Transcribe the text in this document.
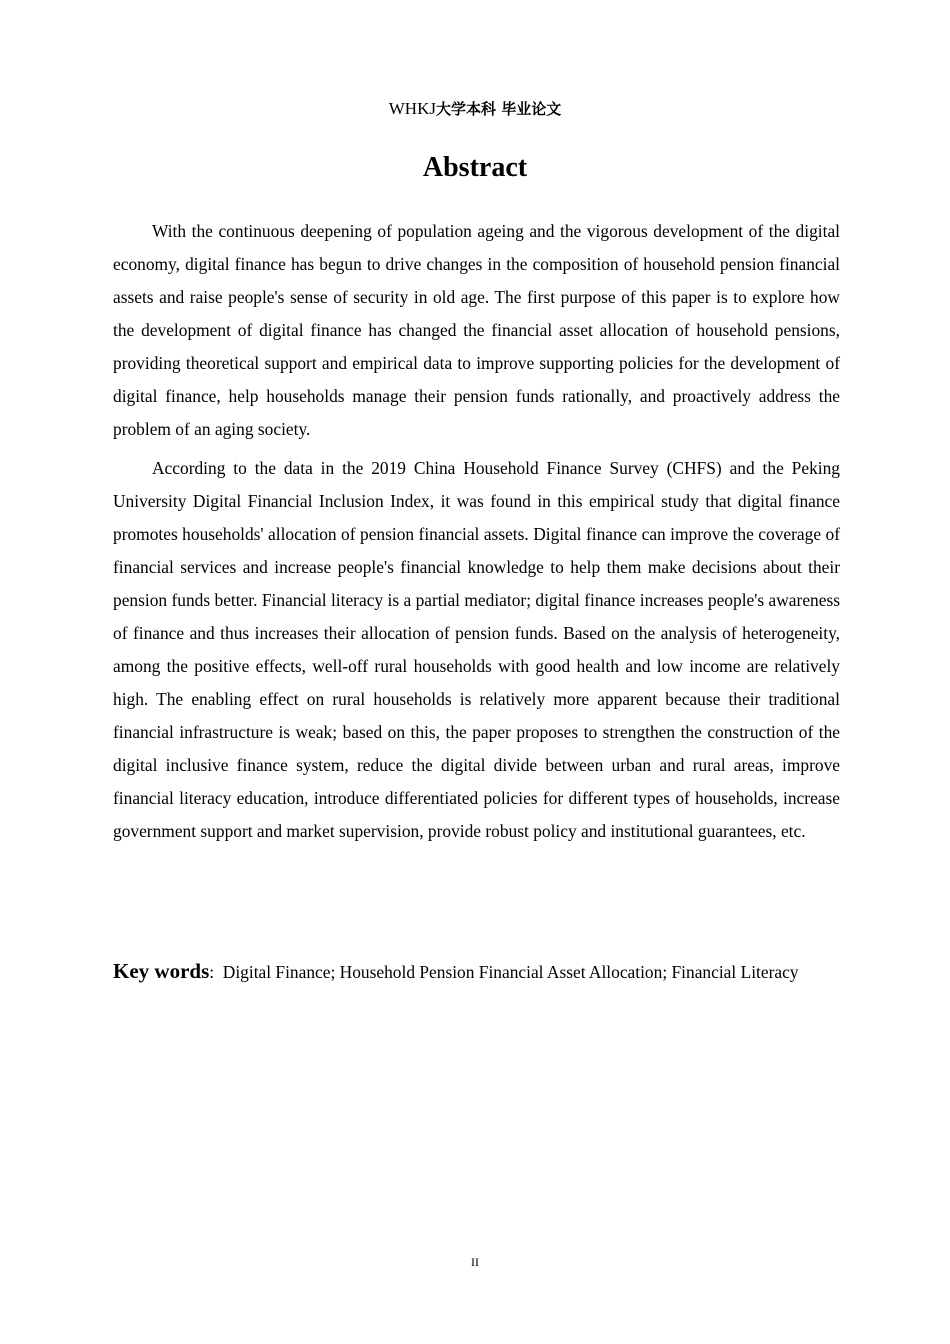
WHKJ大学本科 毕业论文
Abstract

With the continuous deepening of population ageing and the vigorous development of the digital economy, digital finance has begun to drive changes in the composition of household pension financial assets and raise people's sense of security in old age. The first purpose of this paper is to explore how the development of digital finance has changed the financial asset allocation of household pensions, providing theoretical support and empirical data to improve supporting policies for the development of digital finance, help households manage their pension funds rationally, and proactively address the problem of an aging society.

According to the data in the 2019 China Household Finance Survey (CHFS) and the Peking University Digital Financial Inclusion Index, it was found in this empirical study that digital finance promotes households' allocation of pension financial assets. Digital finance can improve the coverage of financial services and increase people's financial knowledge to help them make decisions about their pension funds better. Financial literacy is a partial mediator; digital finance increases people's awareness of finance and thus increases their allocation of pension funds. Based on the analysis of heterogeneity, among the positive effects, well-off rural households with good health and low income are relatively high. The enabling effect on rural households is relatively more apparent because their traditional financial infrastructure is weak; based on this, the paper proposes to strengthen the construction of the digital inclusive finance system, reduce the digital divide between urban and rural areas, improve financial literacy education, introduce differentiated policies for different types of households, increase government support and market supervision, provide robust policy and institutional guarantees, etc.

Key words:  Digital Finance; Household Pension Financial Asset Allocation; Financial Literacy
II
